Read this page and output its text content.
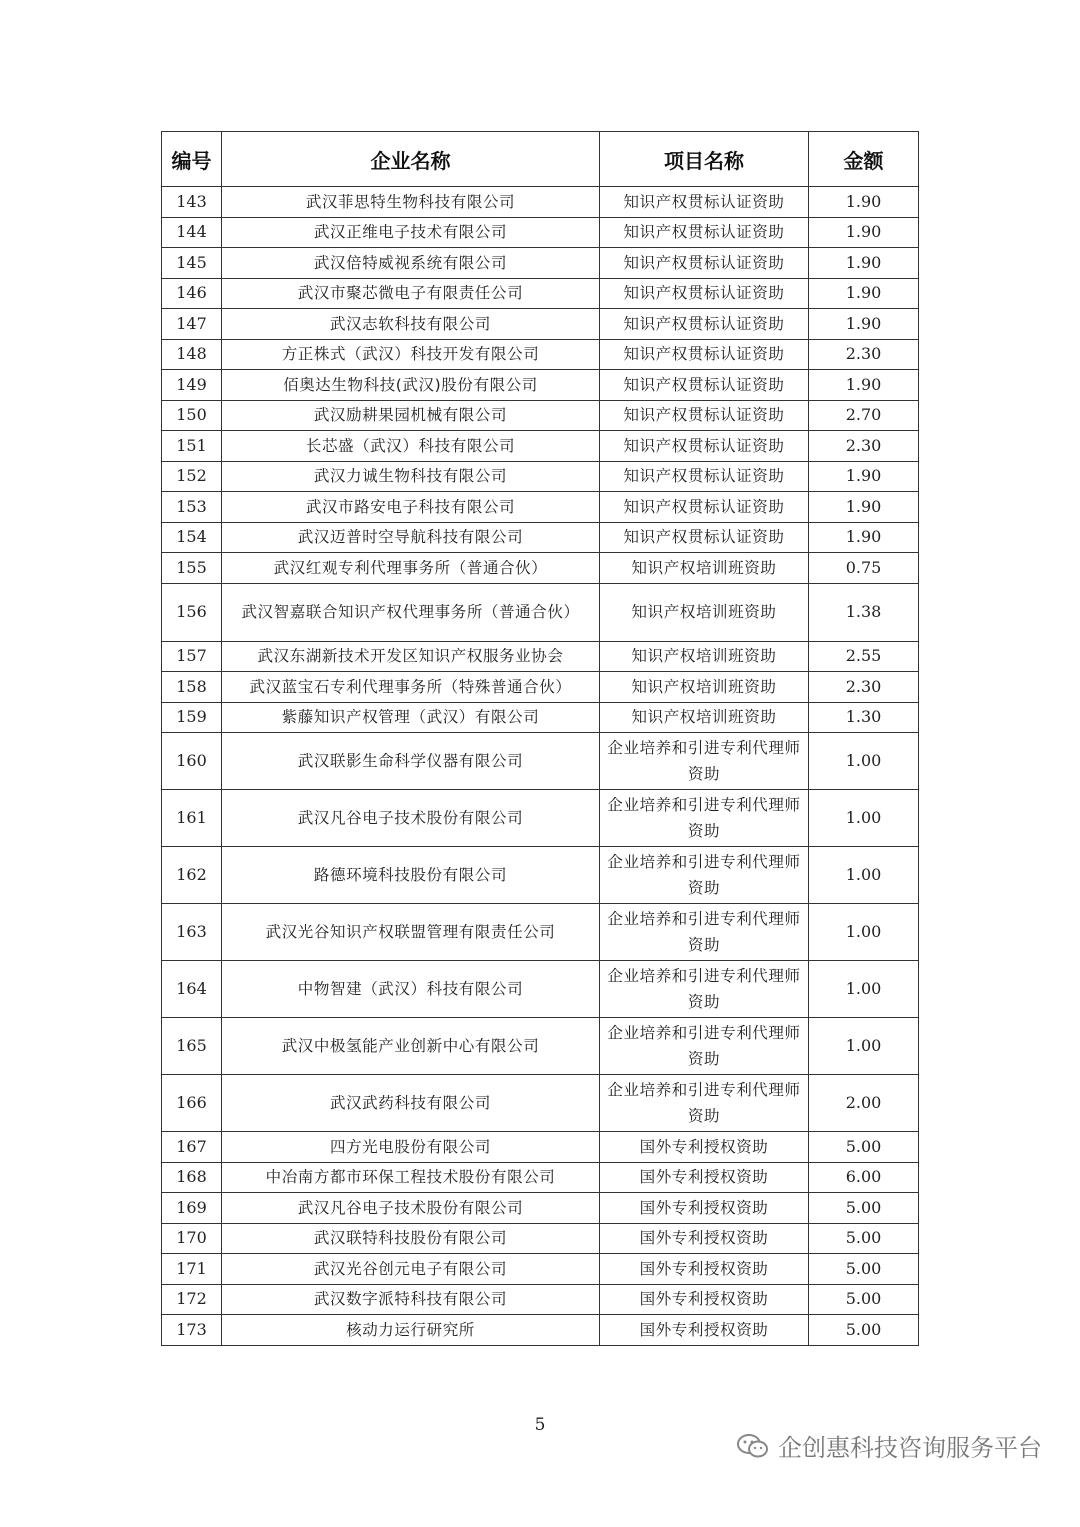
编号	企业名称	项目名称	金额
143	武汉菲思特生物科技有限公司	知识产权贯标认证资助	1.90
144	武汉正维电子技术有限公司	知识产权贯标认证资助	1.90
145	武汉倍特威视系统有限公司	知识产权贯标认证资助	1.90
146	武汉市聚芯微电子有限责任公司	知识产权贯标认证资助	1.90
147	武汉志软科技有限公司	知识产权贯标认证资助	1.90
148	方正株式（武汉）科技开发有限公司	知识产权贯标认证资助	2.30
149	佰奥达生物科技(武汉)股份有限公司	知识产权贯标认证资助	1.90
150	武汉励耕果园机械有限公司	知识产权贯标认证资助	2.70
151	长芯盛（武汉）科技有限公司	知识产权贯标认证资助	2.30
152	武汉力诚生物科技有限公司	知识产权贯标认证资助	1.90
153	武汉市路安电子科技有限公司	知识产权贯标认证资助	1.90
154	武汉迈普时空导航科技有限公司	知识产权贯标认证资助	1.90
155	武汉红观专利代理事务所（普通合伙）	知识产权培训班资助	0.75
156	武汉智嘉联合知识产权代理事务所（普通合伙）	知识产权培训班资助	1.38
157	武汉东湖新技术开发区知识产权服务业协会	知识产权培训班资助	2.55
158	武汉蓝宝石专利代理事务所（特殊普通合伙）	知识产权培训班资助	2.30
159	紫藤知识产权管理（武汉）有限公司	知识产权培训班资助	1.30
160	武汉联影生命科学仪器有限公司	企业培养和引进专利代理师资助	1.00
161	武汉凡谷电子技术股份有限公司	企业培养和引进专利代理师资助	1.00
162	路德环境科技股份有限公司	企业培养和引进专利代理师资助	1.00
163	武汉光谷知识产权联盟管理有限责任公司	企业培养和引进专利代理师资助	1.00
164	中物智建（武汉）科技有限公司	企业培养和引进专利代理师资助	1.00
165	武汉中极氢能产业创新中心有限公司	企业培养和引进专利代理师资助	1.00
166	武汉武药科技有限公司	企业培养和引进专利代理师资助	2.00
167	四方光电股份有限公司	国外专利授权资助	5.00
168	中冶南方都市环保工程技术股份有限公司	国外专利授权资助	6.00
169	武汉凡谷电子技术股份有限公司	国外专利授权资助	5.00
170	武汉联特科技股份有限公司	国外专利授权资助	5.00
171	武汉光谷创元电子有限公司	国外专利授权资助	5.00
172	武汉数字派特科技有限公司	国外专利授权资助	5.00
173	核动力运行研究所	国外专利授权资助	5.00
5
企创惠科技咨询服务平台
